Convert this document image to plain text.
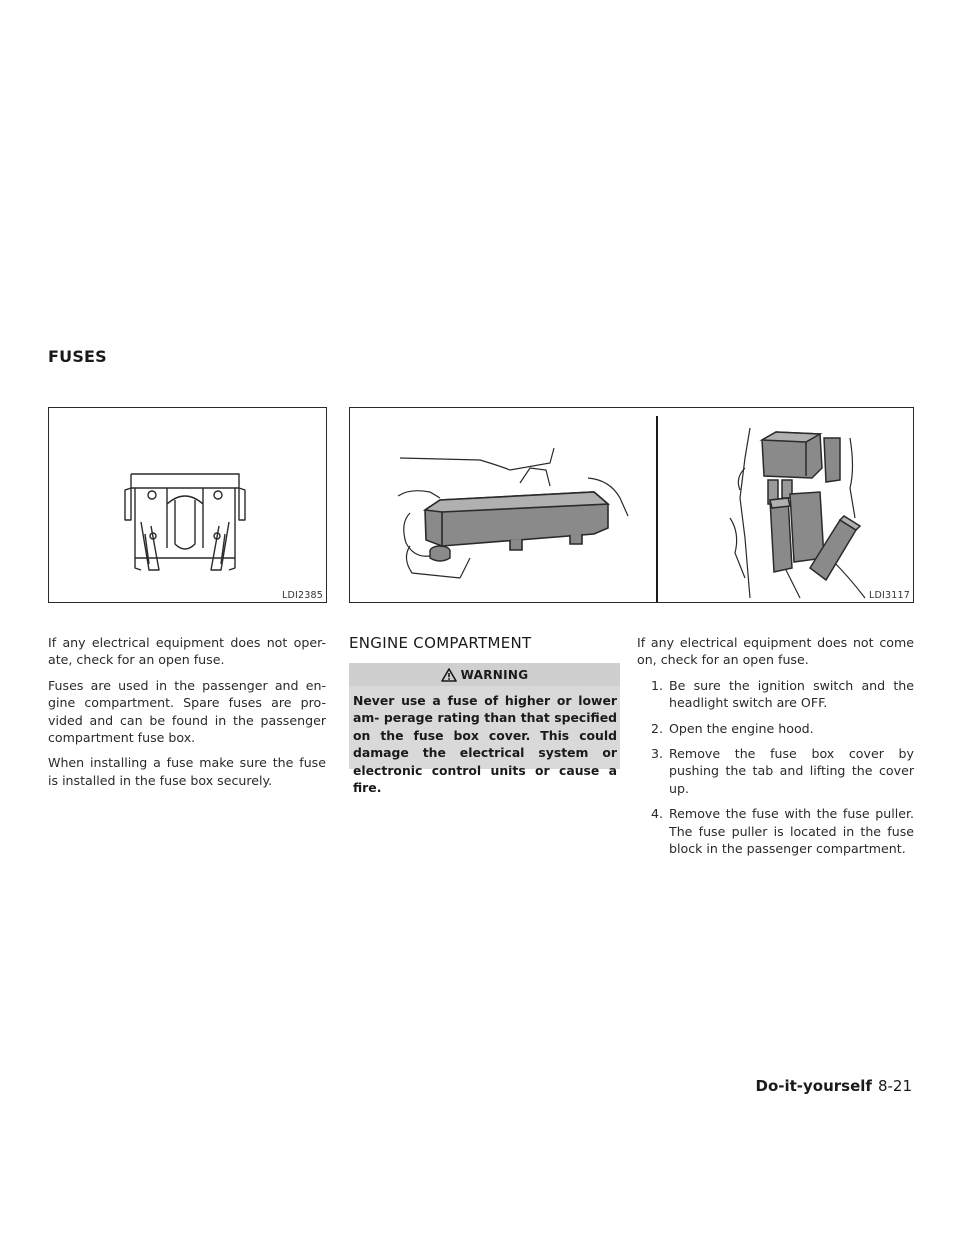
FUSES
LDI2385	LDI3117

If any electrical equipment does not oper- ate, check for an open fuse.

Fuses are used in the passenger and en- gine compartment. Spare fuses are pro- vided and can be found in the passenger compartment fuse box.

When installing a fuse make sure the fuse is installed in the fuse box securely.

ENGINE COMPARTMENT
WARNING
Never use a fuse of higher or lower am- perage rating than that specified on the fuse box cover. This could damage the electrical system or electronic control units or cause a fire.

If any electrical equipment does not come on, check for an open fuse.

1. Be sure the ignition switch and the headlight switch are OFF.
2. Open the engine hood.
3. Remove the fuse box cover by pushing the tab and lifting the cover up.
4. Remove the fuse with the fuse puller. The fuse puller is located in the fuse block in the passenger compartment.
Do-it-yourself 8-21
